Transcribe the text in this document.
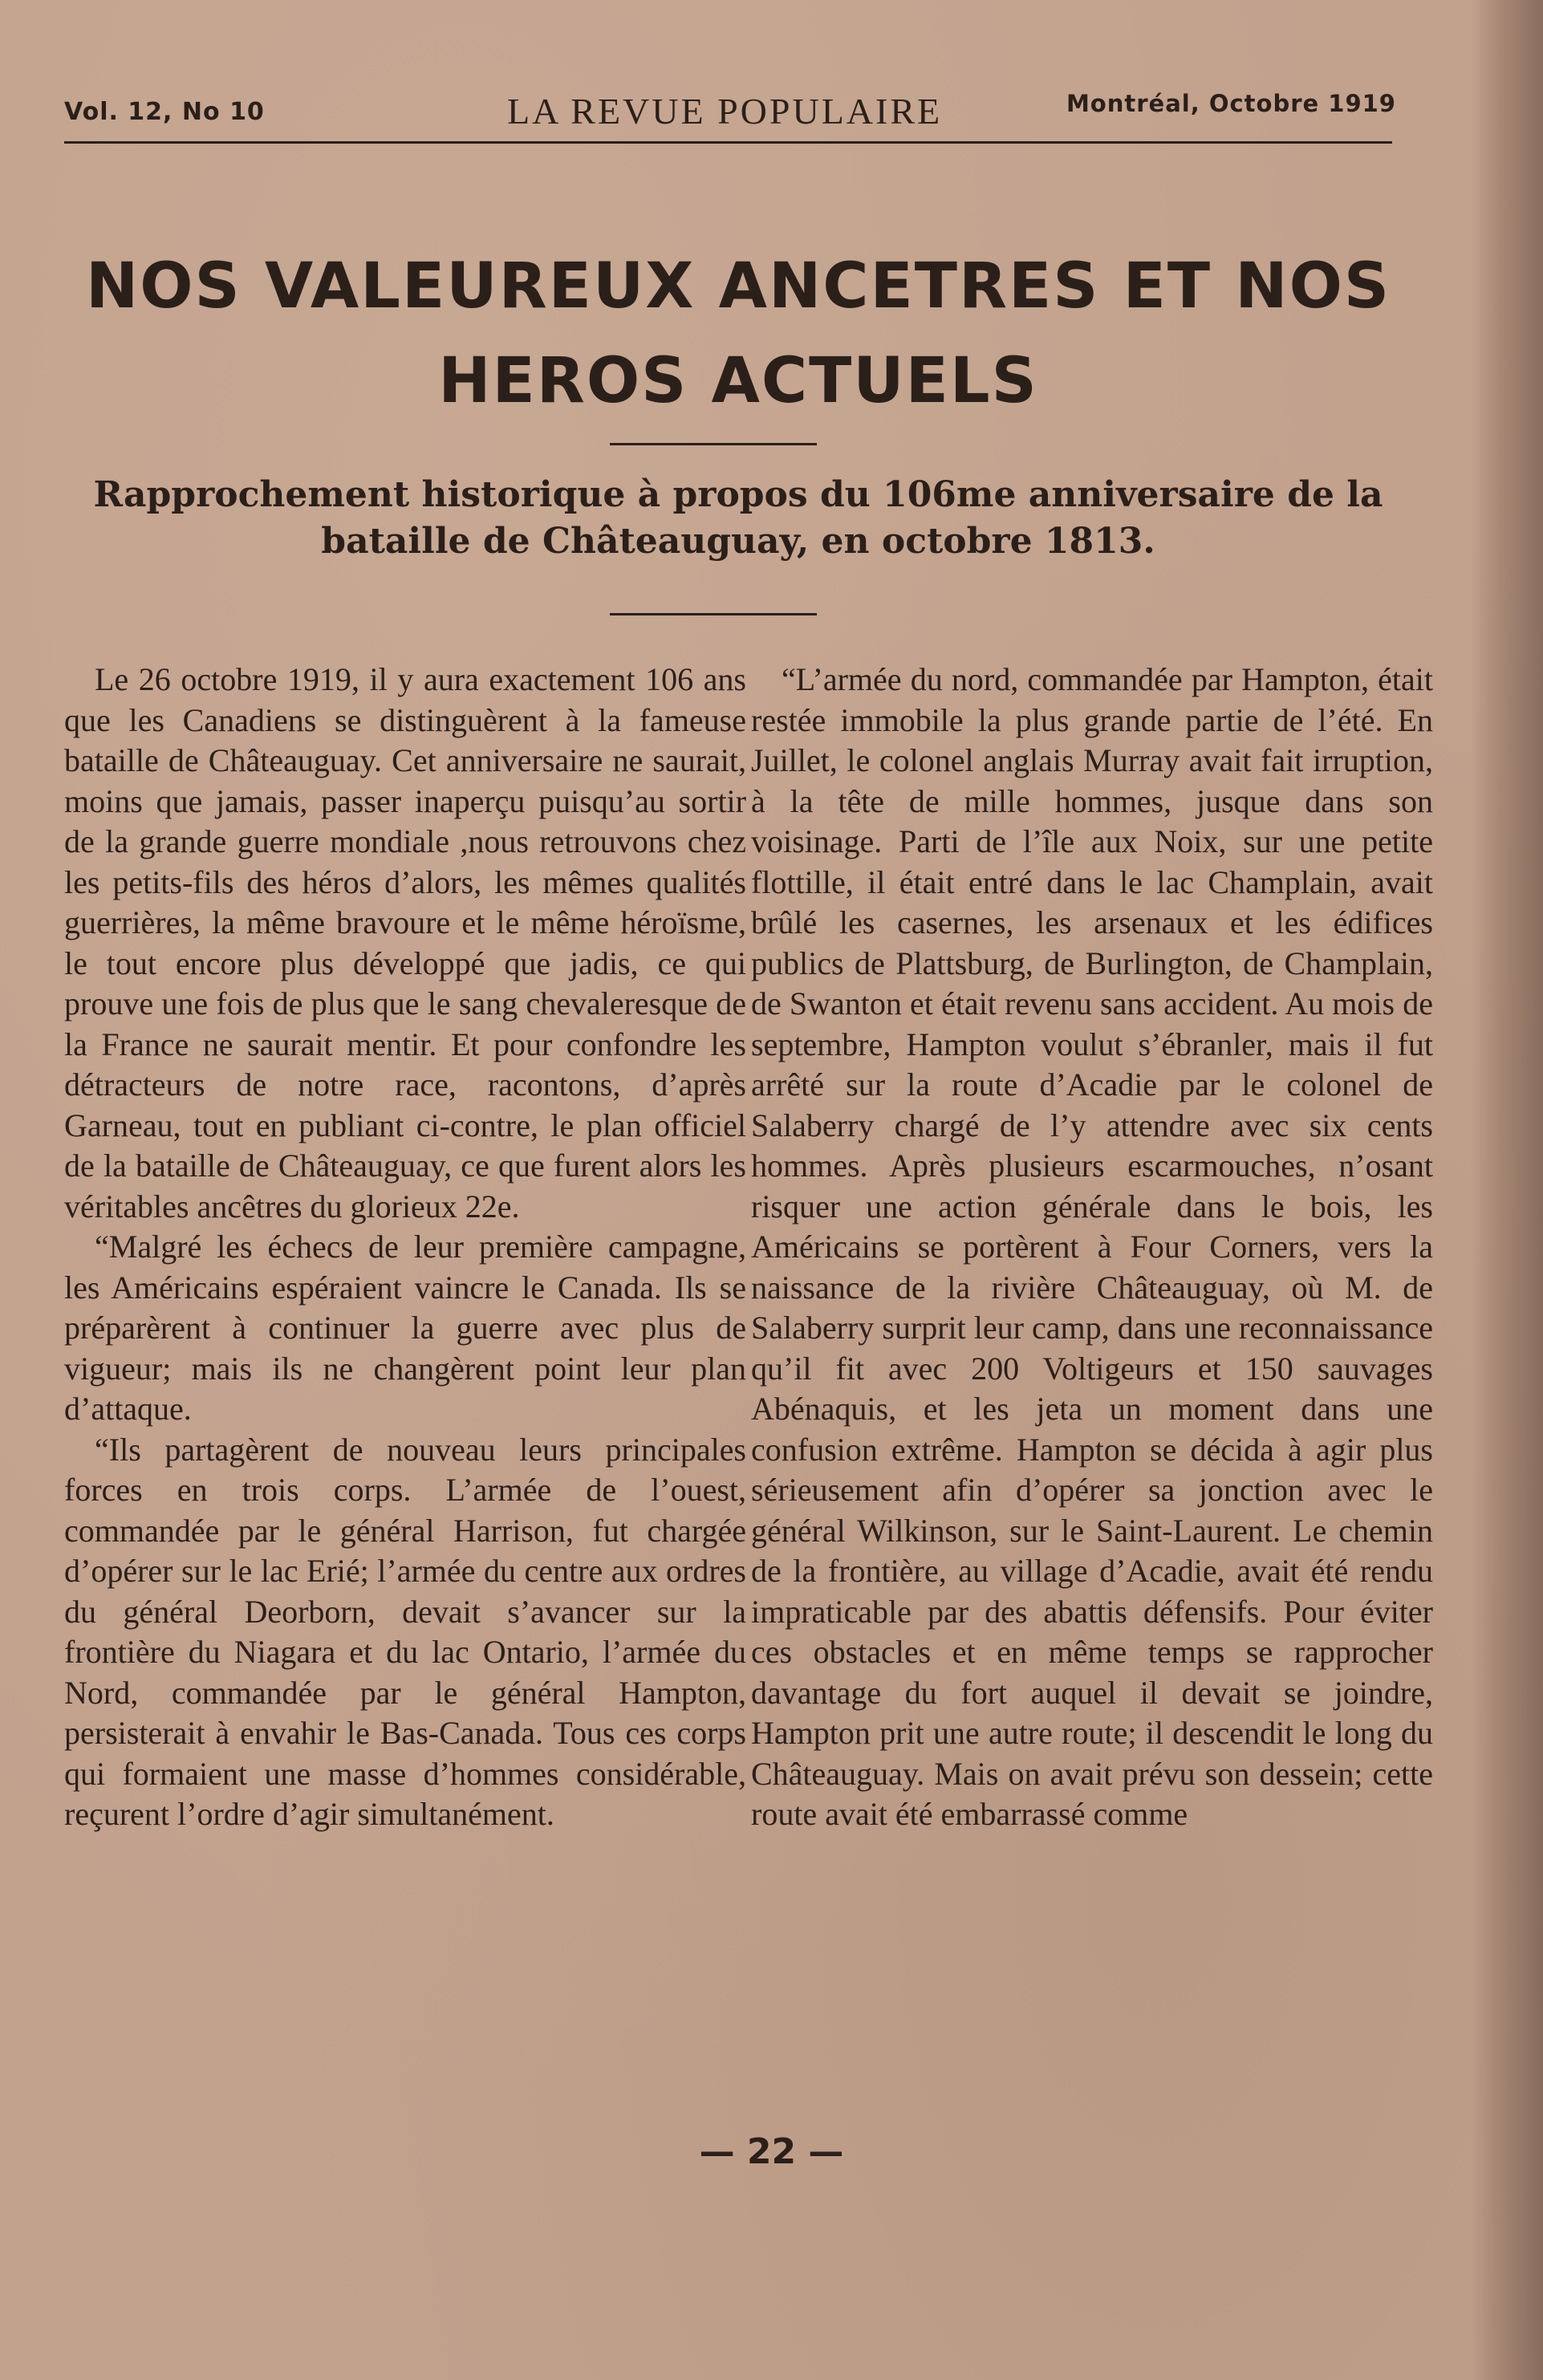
Vol. 12, No 10	LA REVUE POPULAIRE	Montréal, Octobre 1919
NOS VALEUREUX ANCETRES ET NOS HEROS ACTUELS
Rapprochement historique à propos du 106me anniversaire de la bataille de Châteauguay, en octobre 1813.

Le 26 octobre 1919, il y aura exactement 106 ans que les Canadiens se distinguèrent à la fameuse bataille de Châteauguay. Cet anniversaire ne saurait, moins que jamais, passer inaperçu puisqu’au sortir de la grande guerre mondiale ,nous retrouvons chez les petits-fils des héros d’alors, les mêmes qualités guerrières, la même bravoure et le même héroïsme, le tout encore plus développé que jadis, ce qui prouve une fois de plus que le sang chevaleresque de la France ne saurait mentir. Et pour confondre les détracteurs de notre race, racontons, d’après Garneau, tout en publiant ci-contre, le plan officiel de la bataille de Châteauguay, ce que furent alors les véritables ancêtres du glorieux 22e.

“Malgré les échecs de leur première campagne, les Américains espéraient vaincre le Canada. Ils se préparèrent à continuer la guerre avec plus de vigueur; mais ils ne changèrent point leur plan d’attaque.

“Ils partagèrent de nouveau leurs principales forces en trois corps. L’armée de l’ouest, commandée par le général Harrison, fut chargée d’opérer sur le lac Erié; l’armée du centre aux ordres du général Deorborn, devait s’avancer sur la frontière du Niagara et du lac Ontario, l’armée du Nord, commandée par le général Hampton, persisterait à envahir le Bas-Canada. Tous ces corps qui formaient une masse d’hommes considérable, reçurent l’ordre d’agir simultanément.

“L’armée du nord, commandée par Hampton, était restée immobile la plus grande partie de l’été. En Juillet, le colonel anglais Murray avait fait irruption, à la tête de mille hommes, jusque dans son voisinage. Parti de l’île aux Noix, sur une petite flottille, il était entré dans le lac Champlain, avait brûlé les casernes, les arsenaux et les édifices publics de Plattsburg, de Burlington, de Champlain, de Swanton et était revenu sans accident. Au mois de septembre, Hampton voulut s’ébranler, mais il fut arrêté sur la route d’Acadie par le colonel de Salaberry chargé de l’y attendre avec six cents hommes. Après plusieurs escarmouches, n’osant risquer une action générale dans le bois, les Américains se portèrent à Four Corners, vers la naissance de la rivière Châteauguay, où M. de Salaberry surprit leur camp, dans une reconnaissance qu’il fit avec 200 Voltigeurs et 150 sauvages Abénaquis, et les jeta un moment dans une confusion extrême. Hampton se décida à agir plus sérieusement afin d’opérer sa jonction avec le général Wilkinson, sur le Saint-Laurent. Le chemin de la frontière, au village d’Acadie, avait été rendu impraticable par des abattis défensifs. Pour éviter ces obstacles et en même temps se rapprocher davantage du fort auquel il devait se joindre, Hampton prit une autre route; il descendit le long du Châteauguay. Mais on avait prévu son dessein; cette route avait été embarrassé comme

— 22 —
